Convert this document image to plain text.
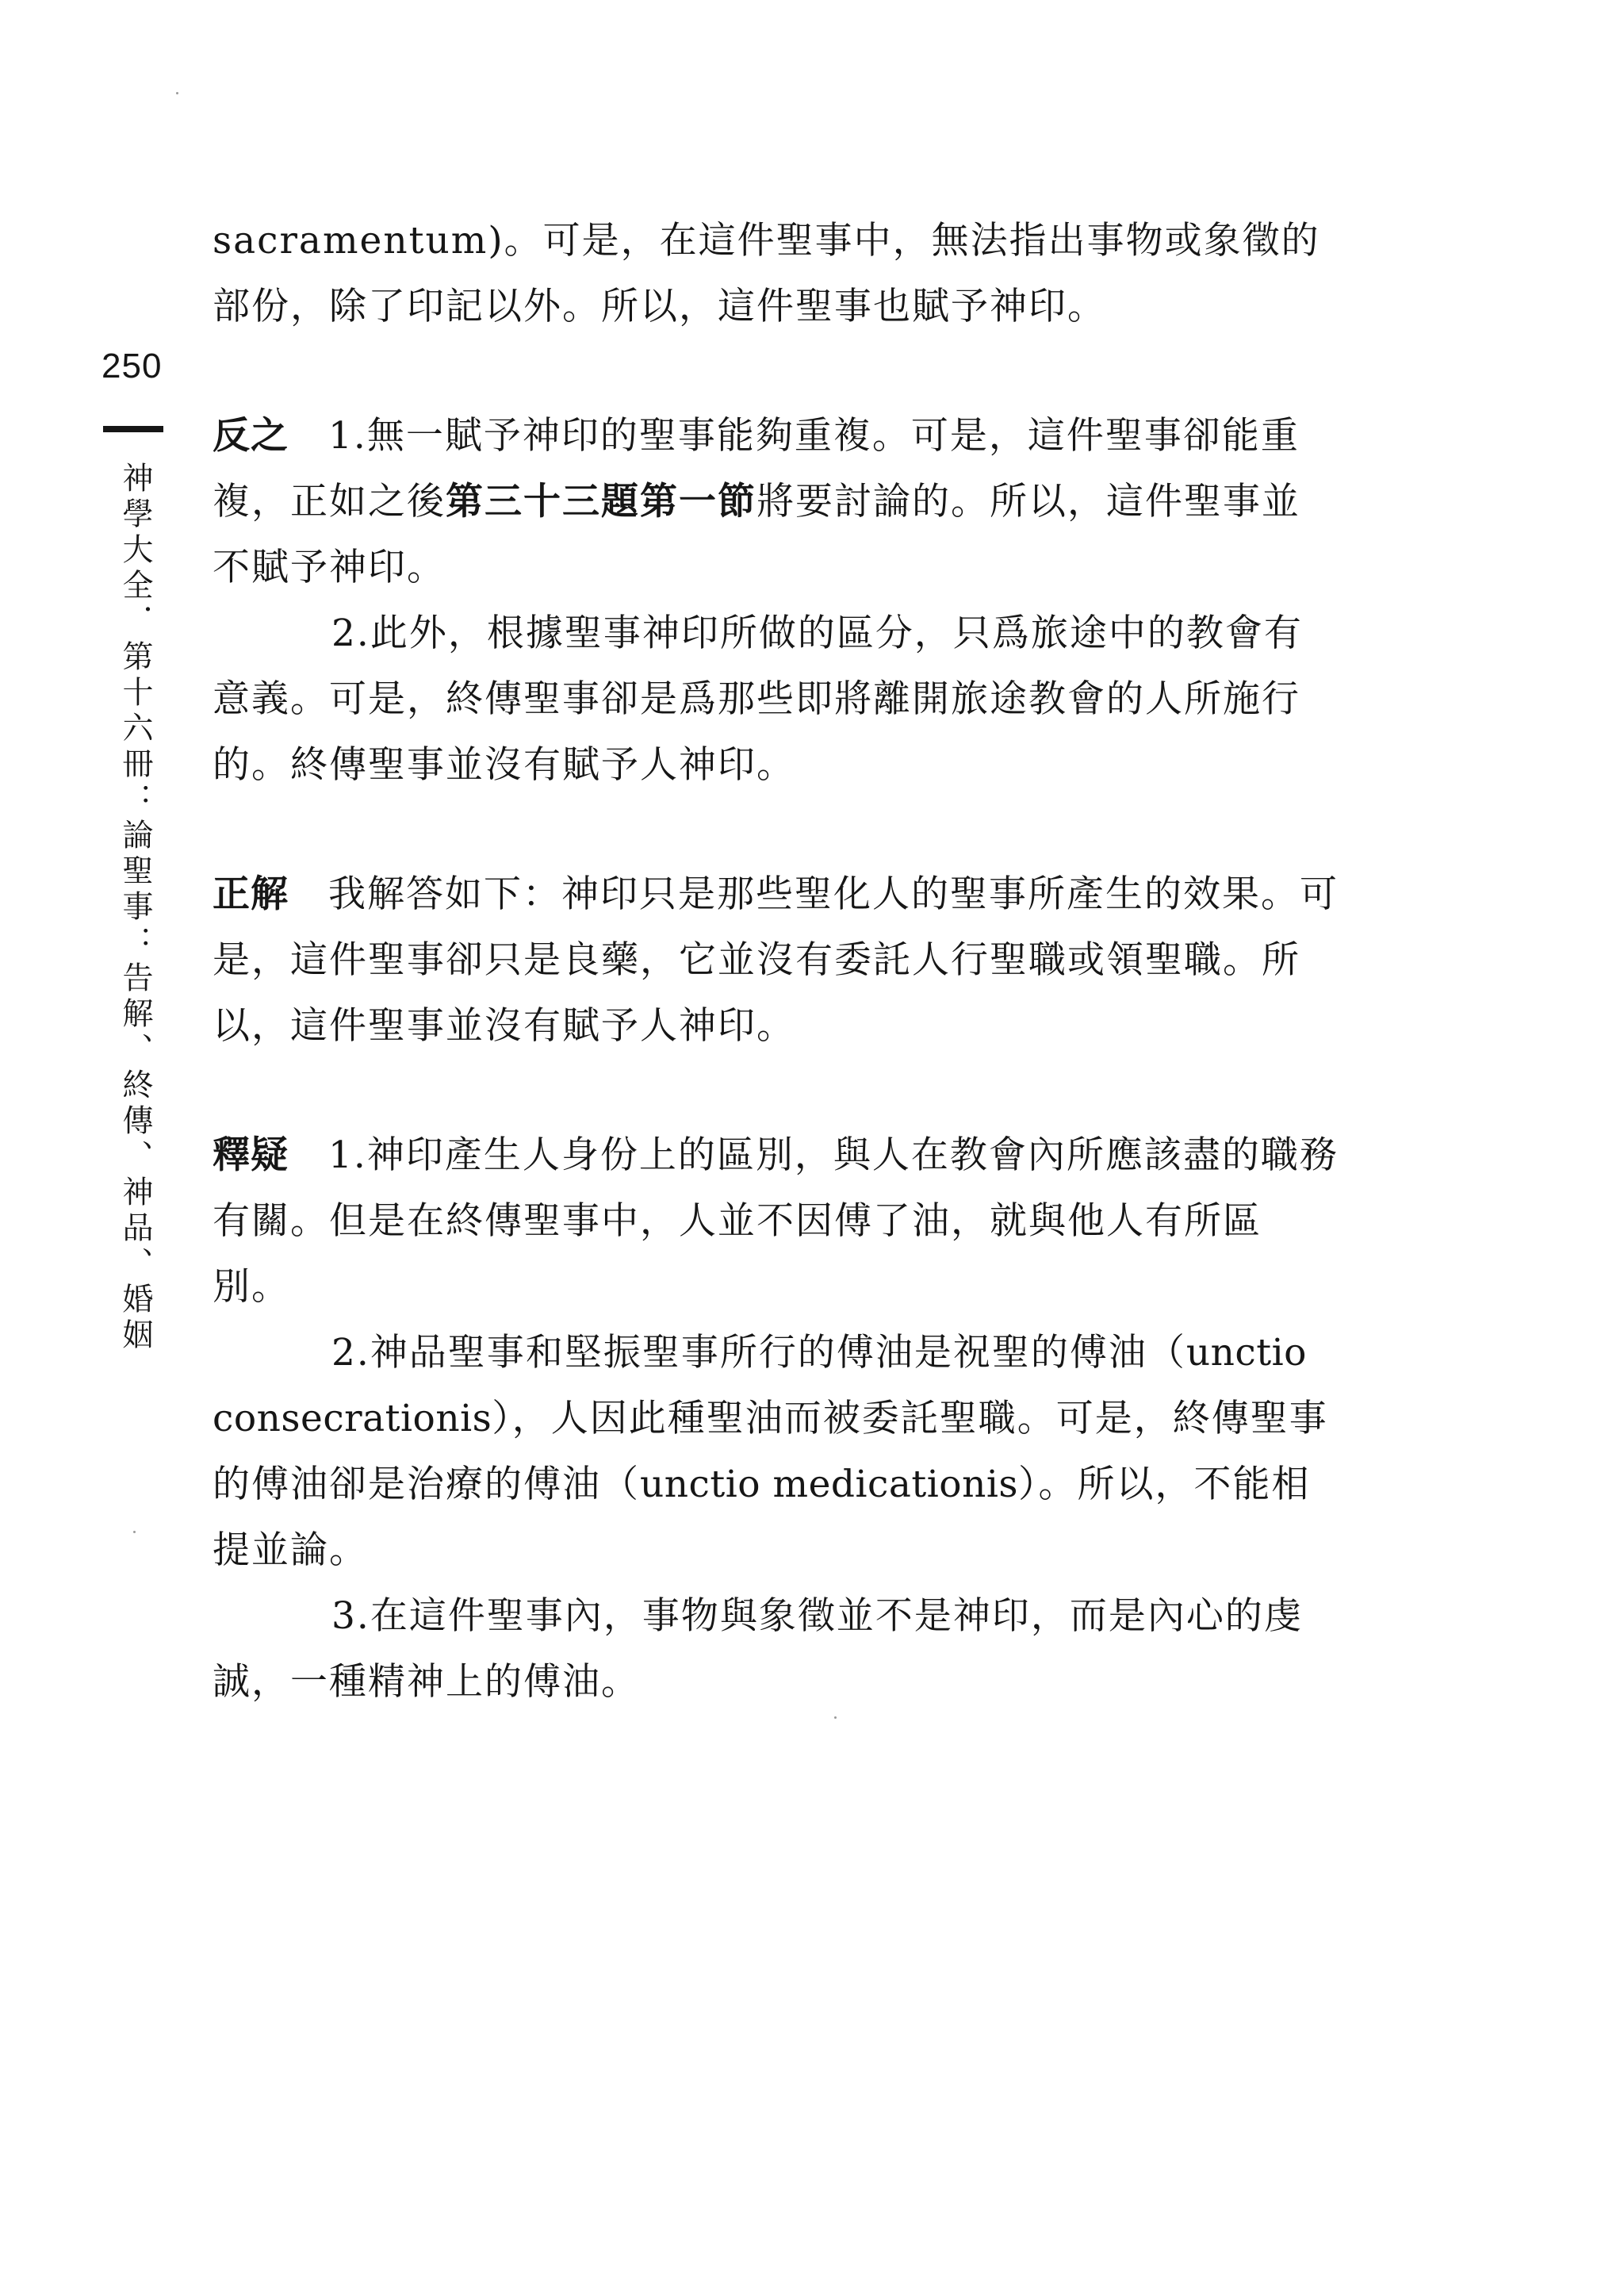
250
神學大全．第十六冊：論聖事：告解、終傳、神品、婚姻

sacramentum)。可是，在這件聖事中，無法指出事物或象徵的部份，除了印記以外。所以，這件聖事也賦予神印。

反之 1.無一賦予神印的聖事能夠重複。可是，這件聖事卻能重複，正如之後第三十三題第一節將要討論的。所以，這件聖事並不賦予神印。

2.此外，根據聖事神印所做的區分，只爲旅途中的教會有意義。可是，終傳聖事卻是爲那些即將離開旅途教會的人所施行的。終傳聖事並沒有賦予人神印。

正解 我解答如下：神印只是那些聖化人的聖事所產生的效果。可是，這件聖事卻只是良藥，它並沒有委託人行聖職或領聖職。所以，這件聖事並沒有賦予人神印。

釋疑 1.神印產生人身份上的區別，與人在教會內所應該盡的職務有關。但是在終傳聖事中，人並不因傅了油，就與他人有所區別。

2.神品聖事和堅振聖事所行的傅油是祝聖的傅油（unctio consecrationis），人因此種聖油而被委託聖職。可是，終傳聖事的傅油卻是治療的傅油（unctio medicationis）。所以，不能相提並論。

3.在這件聖事內，事物與象徵並不是神印，而是內心的虔誠，一種精神上的傅油。
